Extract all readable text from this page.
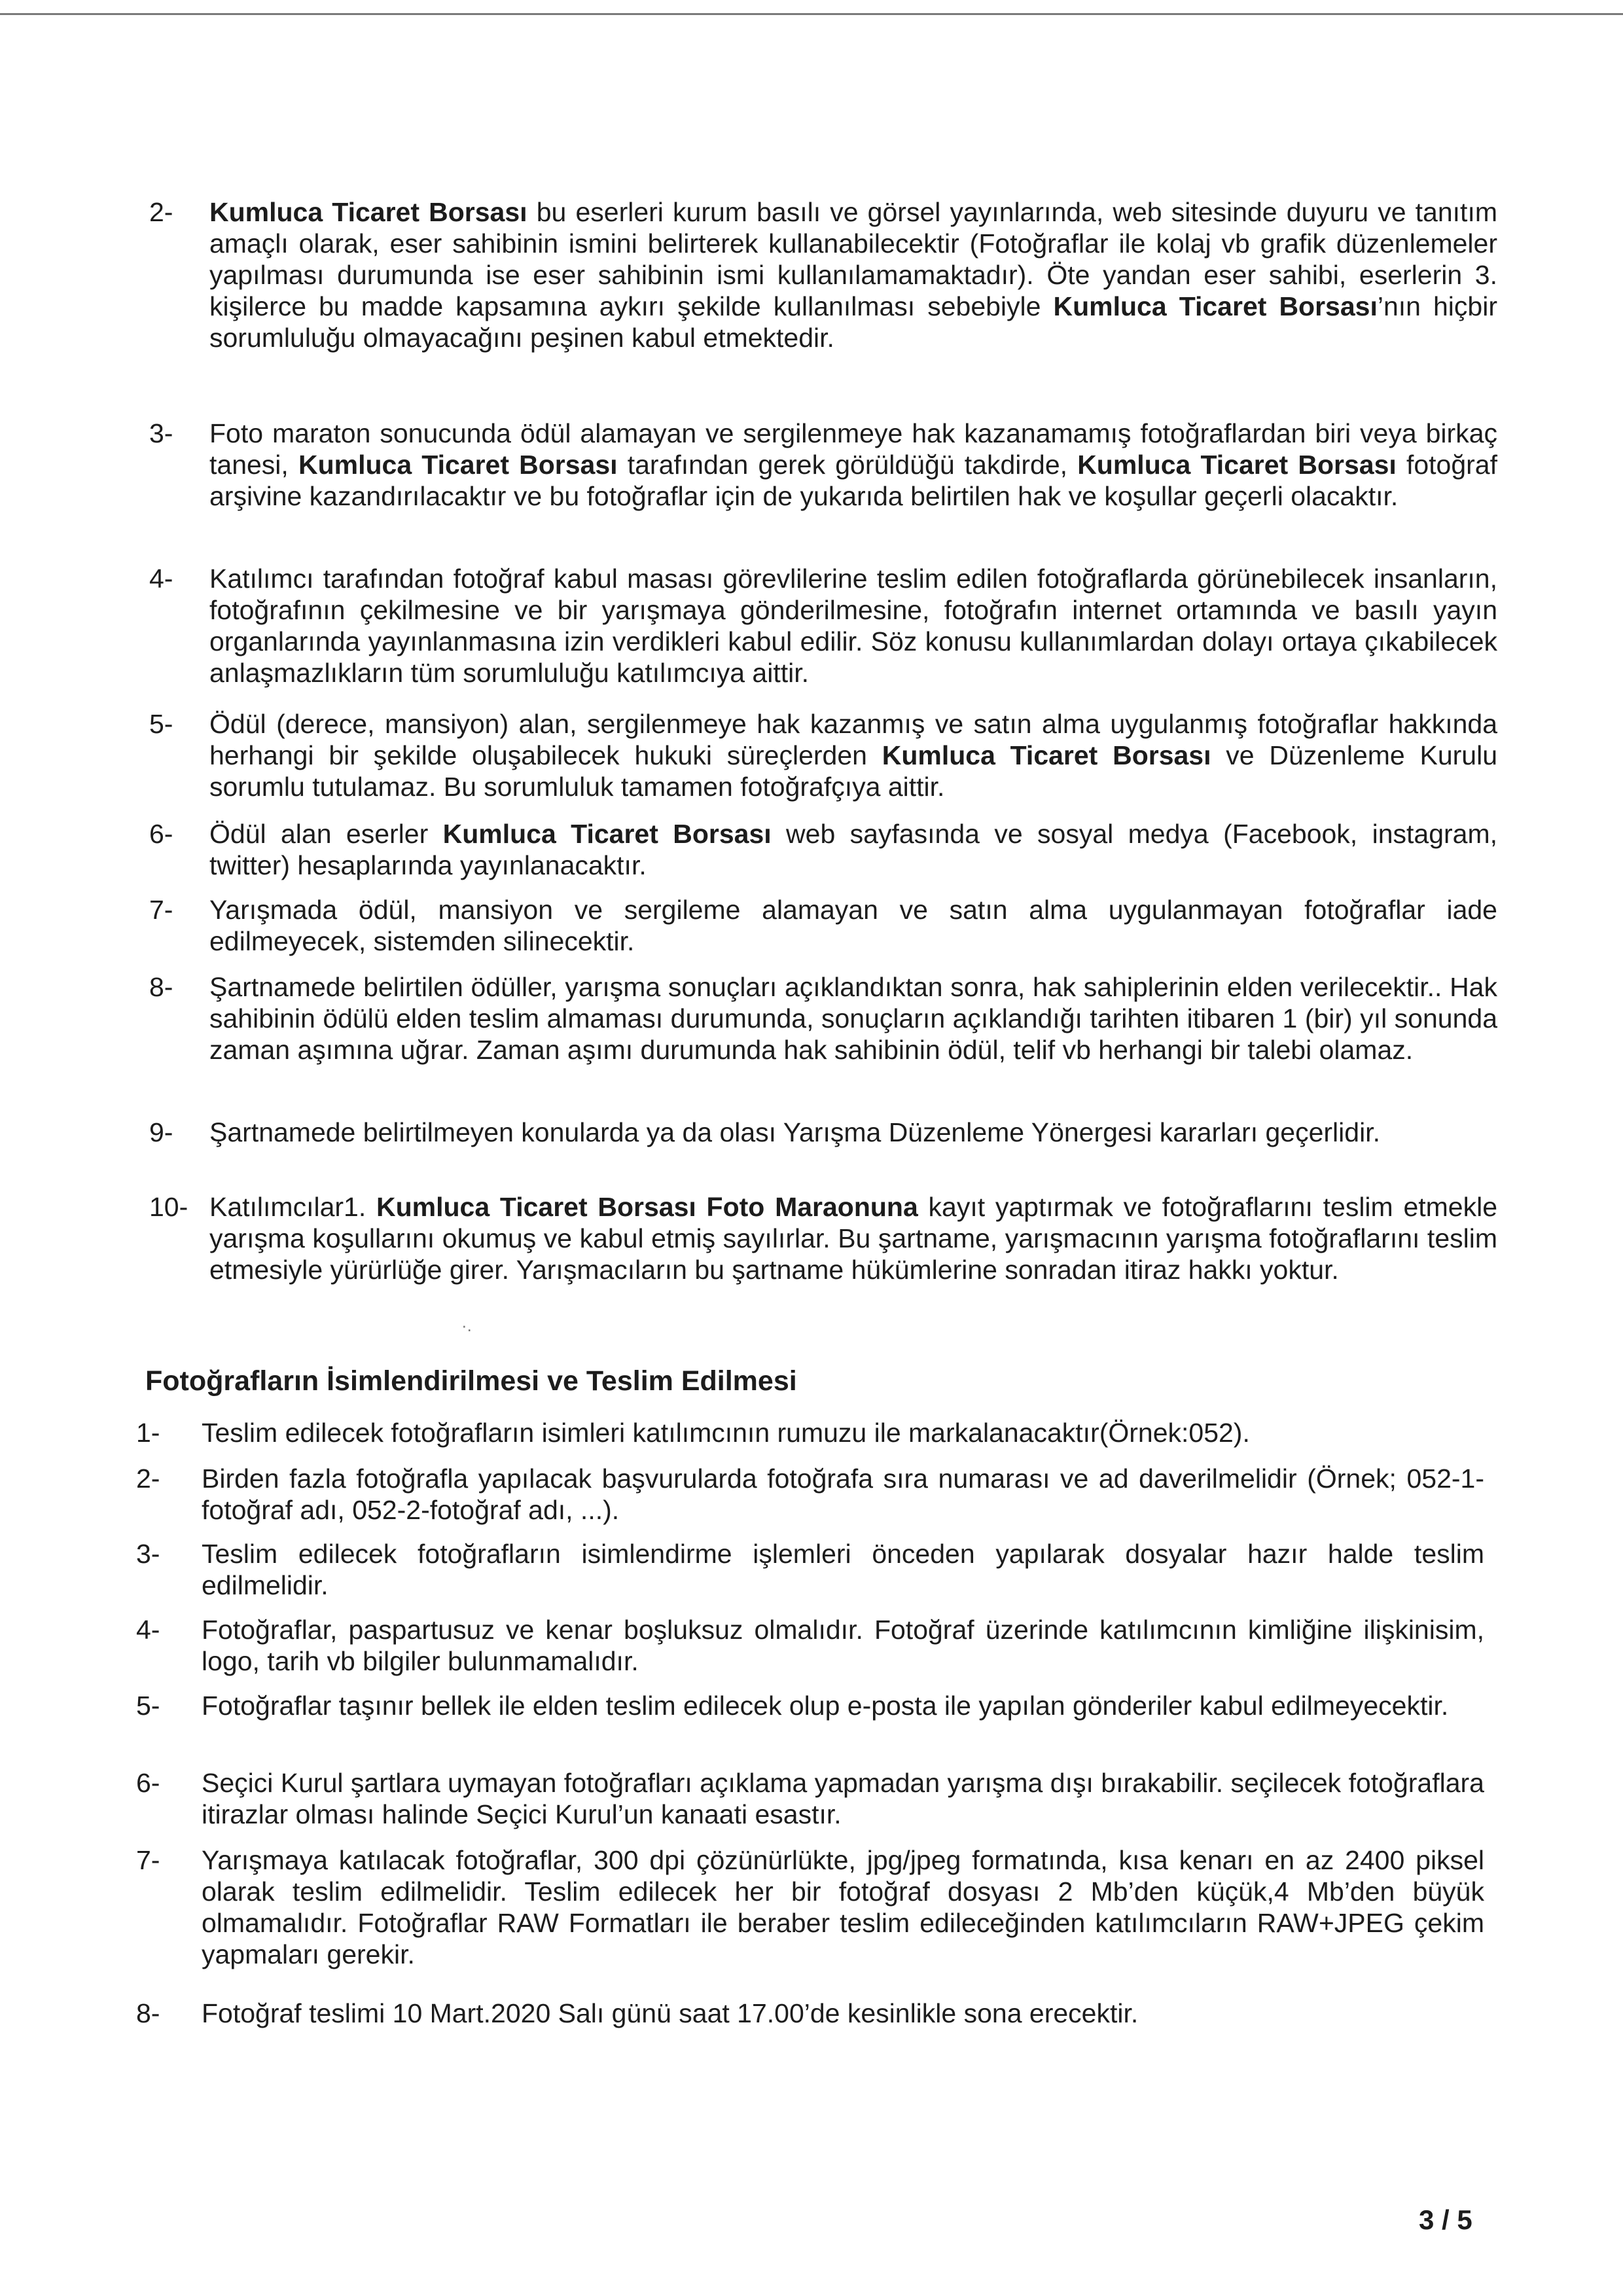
2-	Kumluca Ticaret Borsası bu eserleri kurum basılı ve görsel yayınlarında, web sitesinde duyuru ve tanıtım amaçlı olarak, eser sahibinin ismini belirterek kullanabilecektir (Fotoğraflar ile kolaj vb grafik düzenlemeler yapılması durumunda ise eser sahibinin ismi kullanılamamaktadır). Öte yandan eser sahibi, eserlerin 3. kişilerce bu madde kapsamına aykırı şekilde kullanılması sebebiyle Kumluca Ticaret Borsası’nın hiçbir sorumluluğu olmayacağını peşinen kabul etmektedir.
3-	Foto maraton sonucunda ödül alamayan ve sergilenmeye hak kazanamamış fotoğraflardan biri veya birkaç tanesi, Kumluca Ticaret Borsası tarafından gerek görüldüğü takdirde, Kumluca Ticaret Borsası fotoğraf arşivine kazandırılacaktır ve bu fotoğraflar için de yukarıda belirtilen hak ve koşullar geçerli olacaktır.
4-	Katılımcı tarafından fotoğraf kabul masası görevlilerine teslim edilen fotoğraflarda görünebilecek insanların, fotoğrafının çekilmesine ve bir yarışmaya gönderilmesine, fotoğrafın internet ortamında ve basılı yayın organlarında yayınlanmasına izin verdikleri kabul edilir. Söz konusu kullanımlardan dolayı ortaya çıkabilecek anlaşmazlıkların tüm sorumluluğu katılımcıya aittir.
5-	Ödül (derece, mansiyon) alan, sergilenmeye hak kazanmış ve satın alma uygulanmış fotoğraflar hakkında herhangi bir şekilde oluşabilecek hukuki süreçlerden Kumluca Ticaret Borsası ve Düzenleme Kurulu sorumlu tutulamaz. Bu sorumluluk tamamen fotoğrafçıya aittir.
6-	Ödül alan eserler Kumluca Ticaret Borsası web sayfasında ve sosyal medya (Facebook, instagram, twitter) hesaplarında yayınlanacaktır.
7-	Yarışmada ödül, mansiyon ve sergileme alamayan ve satın alma uygulanmayan fotoğraflar iade edilmeyecek, sistemden silinecektir.
8-	Şartnamede belirtilen ödüller, yarışma sonuçları açıklandıktan sonra, hak sahiplerinin elden verilecektir.. Hak sahibinin ödülü elden teslim almaması durumunda, sonuçların açıklandığı tarihten itibaren 1 (bir) yıl sonunda zaman aşımına uğrar. Zaman aşımı durumunda hak sahibinin ödül, telif vb herhangi bir talebi olamaz.
9-	Şartnamede belirtilmeyen konularda ya da olası Yarışma Düzenleme Yönergesi kararları geçerlidir.
10- Katılımcılar1. Kumluca Ticaret Borsası Foto Maraonuna kayıt yaptırmak ve fotoğraflarını teslim etmekle yarışma koşullarını okumuş ve kabul etmiş sayılırlar. Bu şartname, yarışmacının yarışma fotoğraflarını teslim etmesiyle yürürlüğe girer. Yarışmacıların bu şartname hükümlerine sonradan itiraz hakkı yoktur.
·.
Fotoğrafların İsimlendirilmesi ve Teslim Edilmesi
1-	Teslim edilecek fotoğrafların isimleri katılımcının rumuzu ile markalanacaktır(Örnek:052).
2-	Birden fazla fotoğrafla yapılacak başvurularda fotoğrafa sıra numarası ve ad daverilmelidir (Örnek; 052-1-fotoğraf adı, 052-2-fotoğraf adı, ...).
3-	Teslim edilecek fotoğrafların isimlendirme işlemleri önceden yapılarak dosyalar hazır halde teslim edilmelidir.
4-	Fotoğraflar, paspartusuz ve kenar boşluksuz olmalıdır. Fotoğraf üzerinde katılımcının kimliğine ilişkinisim, logo, tarih vb bilgiler bulunmamalıdır.
5-	Fotoğraflar taşınır bellek ile elden teslim edilecek olup e-posta ile yapılan gönderiler kabul edilmeyecektir.
6-	Seçici Kurul şartlara uymayan fotoğrafları açıklama yapmadan yarışma dışı bırakabilir. seçilecek fotoğraflara itirazlar olması halinde Seçici Kurul’un kanaati esastır.
7-	Yarışmaya katılacak fotoğraflar, 300 dpi çözünürlükte, jpg/jpeg formatında, kısa kenarı en az 2400 piksel olarak teslim edilmelidir. Teslim edilecek her bir fotoğraf dosyası 2 Mb’den küçük,4 Mb’den büyük olmamalıdır. Fotoğraflar RAW Formatları ile beraber teslim edileceğinden katılımcıların RAW+JPEG çekim yapmaları gerekir.
8-	Fotoğraf teslimi 10 Mart.2020 Salı günü saat 17.00’de kesinlikle sona erecektir.
3 / 5
